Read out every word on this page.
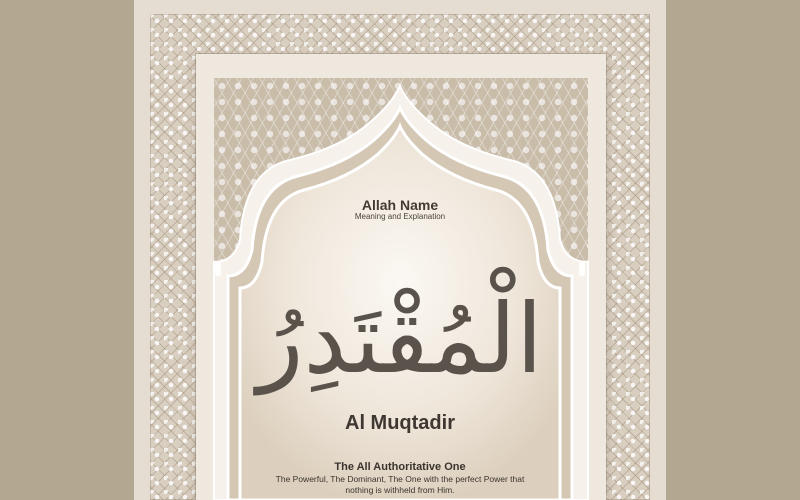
Allah Name
Meaning and Explanation
الْمُقْتَدِرُ
Al Muqtadir
The All Authoritative One
The Powerful, The Dominant, The One with the perfect Power that nothing is withheld from Him.
